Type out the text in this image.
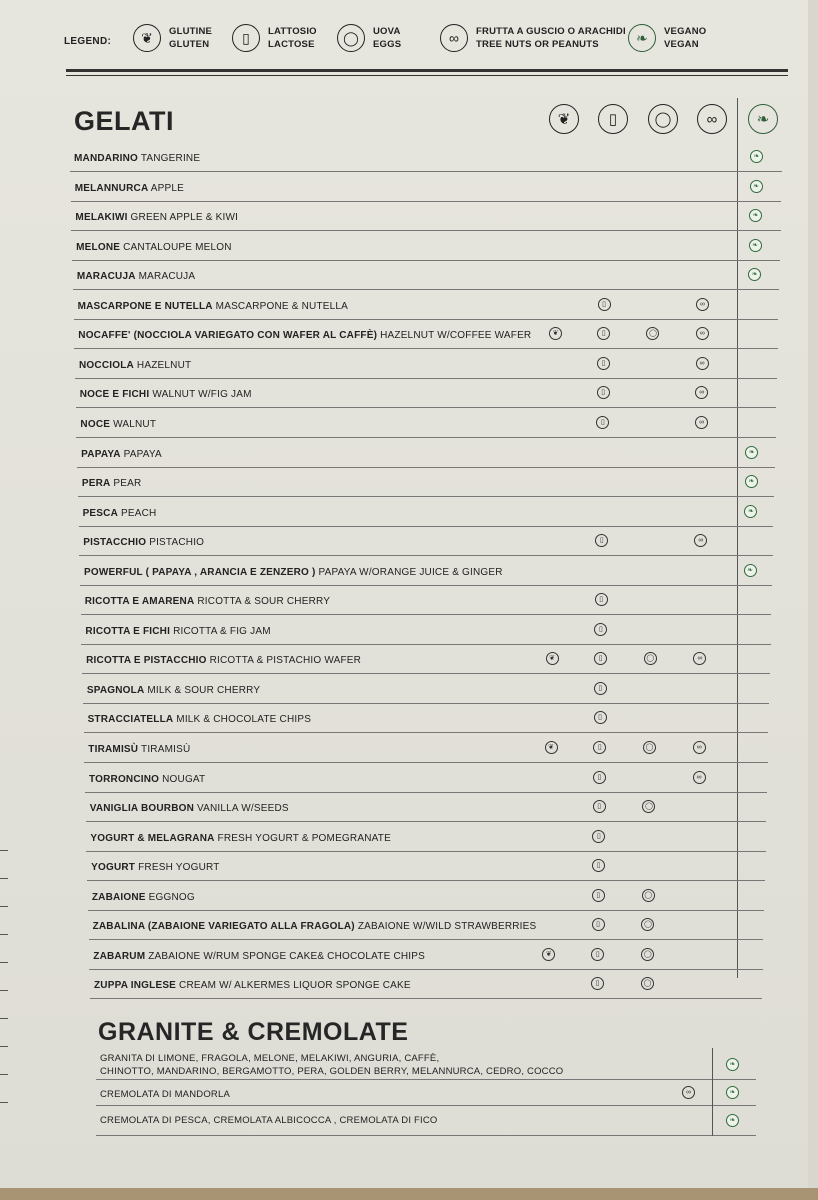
LEGEND:	❦	GLUTINE
GLUTEN	▯	LATTOSIO
LACTOSE	◯	UOVA
EGGS	∞	FRUTTA A GUSCIO O ARACHIDI
TREE NUTS OR PEANUTS	❧	VEGANO
VEGAN
GELATI	❦	▯	◯	∞	❧
MANDARINO TANGERINE	❧
MELANNURCA APPLE	❧
MELAKIWI GREEN APPLE & KIWI	❧
MELONE CANTALOUPE MELON	❧
MARACUJA MARACUJA	❧
MASCARPONE E NUTELLA MASCARPONE & NUTELLA	▯	∞
NOCAFFE' (NOCCIOLA VARIEGATO CON WAFER AL CAFFÈ) HAZELNUT W/COFFEE WAFER	❦	▯	◯	∞
NOCCIOLA HAZELNUT	▯	∞
NOCE E FICHI WALNUT W/FIG JAM	▯	∞
NOCE WALNUT	▯	∞
PAPAYA PAPAYA	❧
PERA PEAR	❧
PESCA PEACH	❧
PISTACCHIO PISTACHIO	▯	∞
POWERFUL ( PAPAYA , ARANCIA E ZENZERO ) PAPAYA W/ORANGE JUICE & GINGER	❧
RICOTTA E AMARENA RICOTTA & SOUR CHERRY	▯
RICOTTA E FICHI RICOTTA & FIG JAM	▯
RICOTTA E PISTACCHIO RICOTTA & PISTACHIO WAFER	❦	▯	◯	∞
SPAGNOLA MILK & SOUR CHERRY	▯
STRACCIATELLA MILK & CHOCOLATE CHIPS	▯
TIRAMISÙ TIRAMISÙ	❦	▯	◯	∞
TORRONCINO NOUGAT	▯	∞
VANIGLIA BOURBON VANILLA W/SEEDS	▯	◯
YOGURT & MELAGRANA FRESH YOGURT & POMEGRANATE	▯
YOGURT FRESH YOGURT	▯
ZABAIONE EGGNOG	▯	◯
ZABALINA (ZABAIONE VARIEGATO ALLA FRAGOLA) ZABAIONE W/WILD STRAWBERRIES	▯	◯
ZABARUM ZABAIONE W/RUM SPONGE CAKE& CHOCOLATE CHIPS	❦	▯	◯
ZUPPA INGLESE CREAM W/ ALKERMES LIQUOR SPONGE CAKE	▯	◯
GRANITE & CREMOLATE
GRANITA DI LIMONE, FRAGOLA, MELONE, MELAKIWI, ANGURIA, CAFFÈ,
CHINOTTO, MANDARINO, BERGAMOTTO, PERA, GOLDEN BERRY, MELANNURCA, CEDRO, COCCO
❧
CREMOLATA DI MANDORLA	∞	❧
CREMOLATA DI PESCA, CREMOLATA ALBICOCCA , CREMOLATA DI FICO	❧
